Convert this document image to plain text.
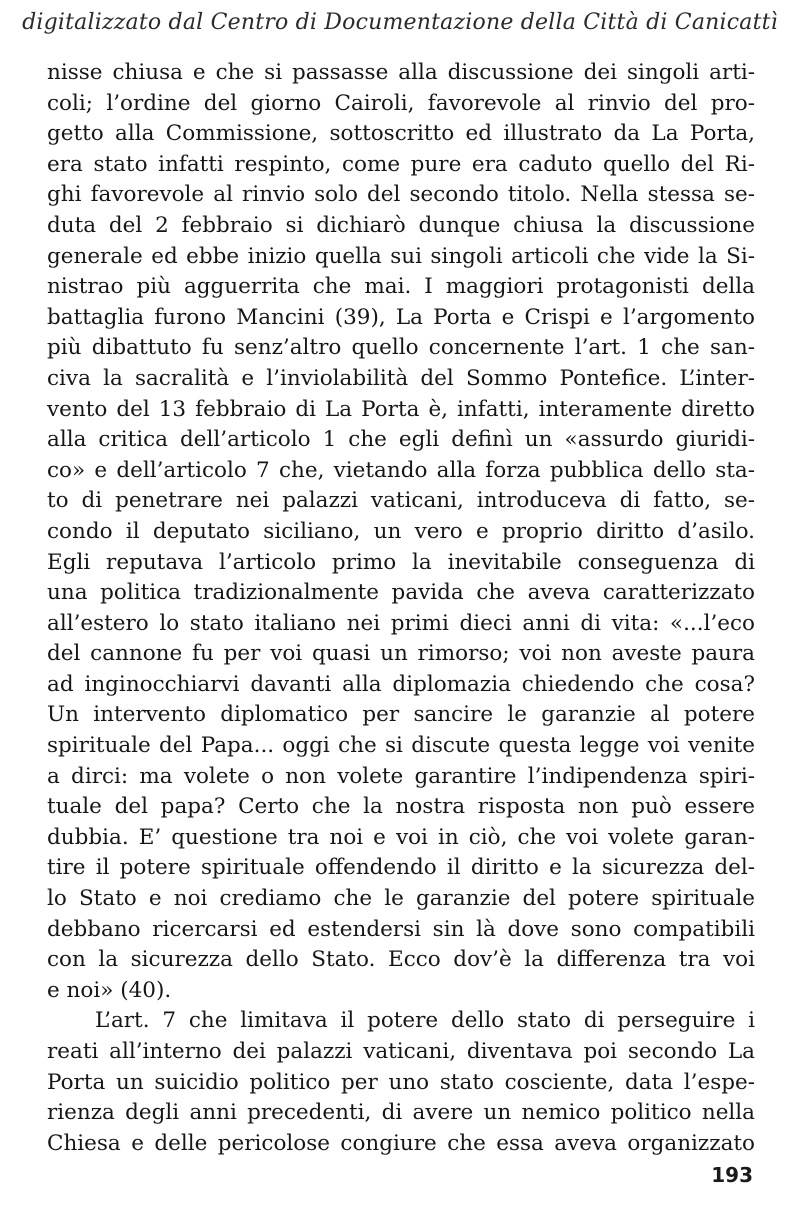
digitalizzato dal Centro di Documentazione della Città di Canicattì
nisse chiusa e che si passasse alla discussione dei singoli arti-
coli; l’ordine del giorno Cairoli, favorevole al rinvio del pro-
getto alla Commissione, sottoscritto ed illustrato da La Porta,
era stato infatti respinto, come pure era caduto quello del Ri-
ghi favorevole al rinvio solo del secondo titolo. Nella stessa se-
duta del 2 febbraio si dichiarò dunque chiusa la discussione
generale ed ebbe inizio quella sui singoli articoli che vide la Si-
nistrao più agguerrita che mai. I maggiori protagonisti della
battaglia furono Mancini (39), La Porta e Crispi e l’argomento
più dibattuto fu senz’altro quello concernente l’art. 1 che san-
civa la sacralità e l’inviolabilità del Sommo Pontefice. L’inter-
vento del 13 febbraio di La Porta è, infatti, interamente diretto
alla critica dell’articolo 1 che egli definì un «assurdo giuridi-
co» e dell’articolo 7 che, vietando alla forza pubblica dello sta-
to di penetrare nei palazzi vaticani, introduceva di fatto, se-
condo il deputato siciliano, un vero e proprio diritto d’asilo.
Egli reputava l’articolo primo la inevitabile conseguenza di
una politica tradizionalmente pavida che aveva caratterizzato
all’estero lo stato italiano nei primi dieci anni di vita: «...l’eco
del cannone fu per voi quasi un rimorso; voi non aveste paura
ad inginocchiarvi davanti alla diplomazia chiedendo che cosa?
Un intervento diplomatico per sancire le garanzie al potere
spirituale del Papa... oggi che si discute questa legge voi venite
a dirci: ma volete o non volete garantire l’indipendenza spiri-
tuale del papa? Certo che la nostra risposta non può essere
dubbia. E’ questione tra noi e voi in ciò, che voi volete garan-
tire il potere spirituale offendendo il diritto e la sicurezza del-
lo Stato e noi crediamo che le garanzie del potere spirituale
debbano ricercarsi ed estendersi sin là dove sono compatibili
con la sicurezza dello Stato. Ecco dov’è la differenza tra voi
e noi» (40).
L’art. 7 che limitava il potere dello stato di perseguire i
reati all’interno dei palazzi vaticani, diventava poi secondo La
Porta un suicidio politico per uno stato cosciente, data l’espe-
rienza degli anni precedenti, di avere un nemico politico nella
Chiesa e delle pericolose congiure che essa aveva organizzato
193
